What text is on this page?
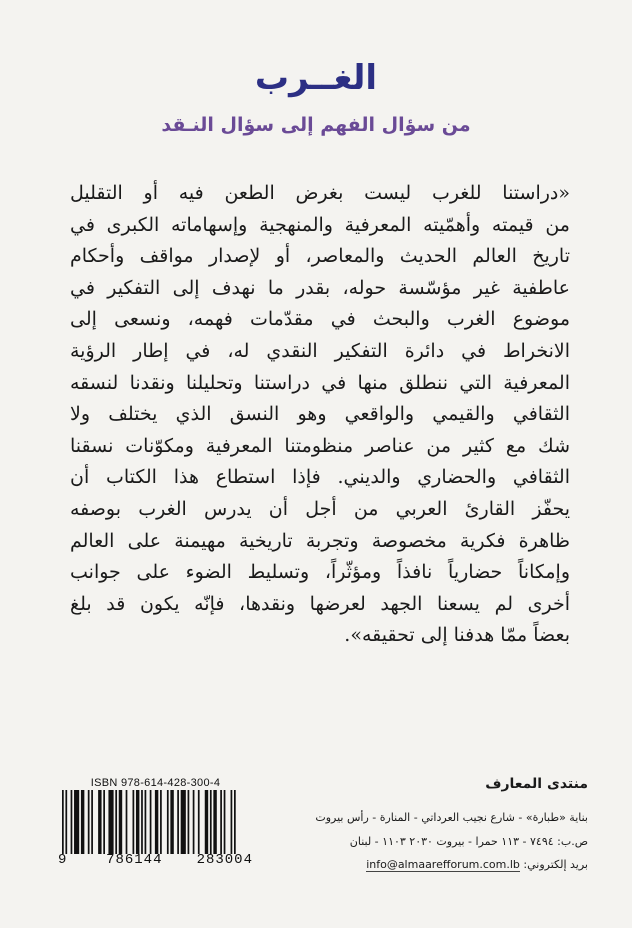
الغــرب
من سؤال الفهم إلى سؤال النـقد
«دراستنا للغرب ليست بغرض الطعن فيه أو التقليل
من قيمته وأهمّيته المعرفية والمنهجية وإسهاماته الكبرى في
تاريخ العالم الحديث والمعاصر، أو لإصدار مواقف وأحكام
عاطفية غير مؤسّسة حوله، بقدر ما نهدف إلى التفكير في
موضوع الغرب والبحث في مقدّمات فهمه، ونسعى إلى
الانخراط في دائرة التفكير النقدي له، في إطار الرؤية
المعرفية التي ننطلق منها في دراستنا وتحليلنا ونقدنا لنسقه
الثقافي والقيمي والواقعي وهو النسق الذي يختلف ولا
شك مع كثير من عناصر منظومتنا المعرفية ومكوّنات نسقنا
الثقافي والحضاري والديني. فإذا استطاع هذا الكتاب أن
يحفّز القارئ العربي من أجل أن يدرس الغرب بوصفه
ظاهرة فكرية مخصوصة وتجربة تاريخية مهيمنة على العالم
وإمكاناً حضارياً نافذاً ومؤثّراً، وتسليط الضوء على جوانب
أخرى لم يسعنا الجهد لعرضها ونقدها، فإنّه يكون قد بلغ
بعضاً ممّا هدفنا إلى تحقيقه».
ISBN 978-614-428-300-4
9	786144 283004
منتدى المعارف
بناية «طبارة» - شارع نجيب العرداتي - المنارة - رأس بيروت
ص.ب: ٧٤٩٤ - ١١٣ حمرا - بيروت ٢٠٣٠ ١١٠٣ - لبنان
بريد إلكتروني: info@almaarefforum.com.lb
